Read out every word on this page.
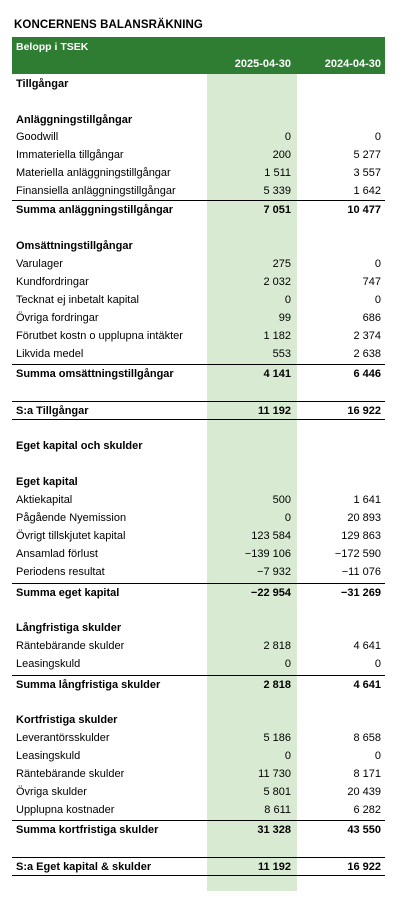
KONCERNENS BALANSRÄKNING
Belopp i TSEK
2025-04-30	2024-04-30
Tillgångar
Anläggningstillgångar
Goodwill	0	0
Immateriella tillgångar	200	5 277
Materiella anläggningstillgångar	1 511	3 557
Finansiella anläggningstillgångar	5 339	1 642
Summa anläggningstillgångar	7 051	10 477
Omsättningstillgångar
Varulager	275	0
Kundfordringar	2 032	747
Tecknat ej inbetalt kapital	0	0
Övriga fordringar	99	686
Förutbet kostn o upplupna intäkter	1 182	2 374
Likvida medel	553	2 638
Summa omsättningstillgångar	4 141	6 446
S:a Tillgångar	11 192	16 922
Eget kapital och skulder
Eget kapital
Aktiekapital	500	1 641
Pågående Nyemission	0	20 893
Övrigt tillskjutet kapital	123 584	129 863
Ansamlad förlust	−139 106	−172 590
Periodens resultat	−7 932	−11 076
Summa eget kapital	−22 954	−31 269
Långfristiga skulder
Räntebärande skulder	2 818	4 641
Leasingskuld	0	0
Summa långfristiga skulder	2 818	4 641
Kortfristiga skulder
Leverantörsskulder	5 186	8 658
Leasingskuld	0	0
Räntebärande skulder	11 730	8 171
Övriga skulder	5 801	20 439
Upplupna kostnader	8 611	6 282
Summa kortfristiga skulder	31 328	43 550
S:a Eget kapital & skulder	11 192	16 922
